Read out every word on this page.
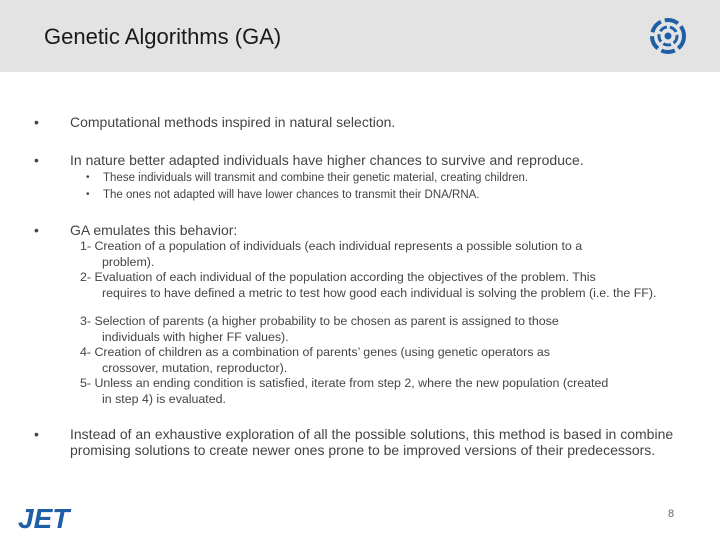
Genetic Algorithms (GA)
• Computational methods inspired in natural selection.
• In nature better adapted individuals have higher chances to survive and reproduce.
• These individuals will transmit and combine their genetic material, creating children.
• The ones not adapted will have lower chances to transmit their DNA/RNA.
• GA emulates this behavior:
1- Creation of a population of individuals (each individual represents a possible solution to a
problem).
2- Evaluation of each individual of the population according the objectives of the problem. This
requires to have defined a metric to test how good each individual is solving the problem (i.e. the FF).
3- Selection of parents (a higher probability to be chosen as parent is assigned to those
individuals with higher FF values).
4- Creation of children as a combination of parents’ genes (using genetic operators as
crossover, mutation, reproductor).
5- Unless an ending condition is satisfied, iterate from step 2, where the new population (created
in step 4) is evaluated.
• Instead of an exhaustive exploration of all the possible solutions, this method is based in combine promising solutions to create newer ones prone to be improved versions of their predecessors.
JET	8
